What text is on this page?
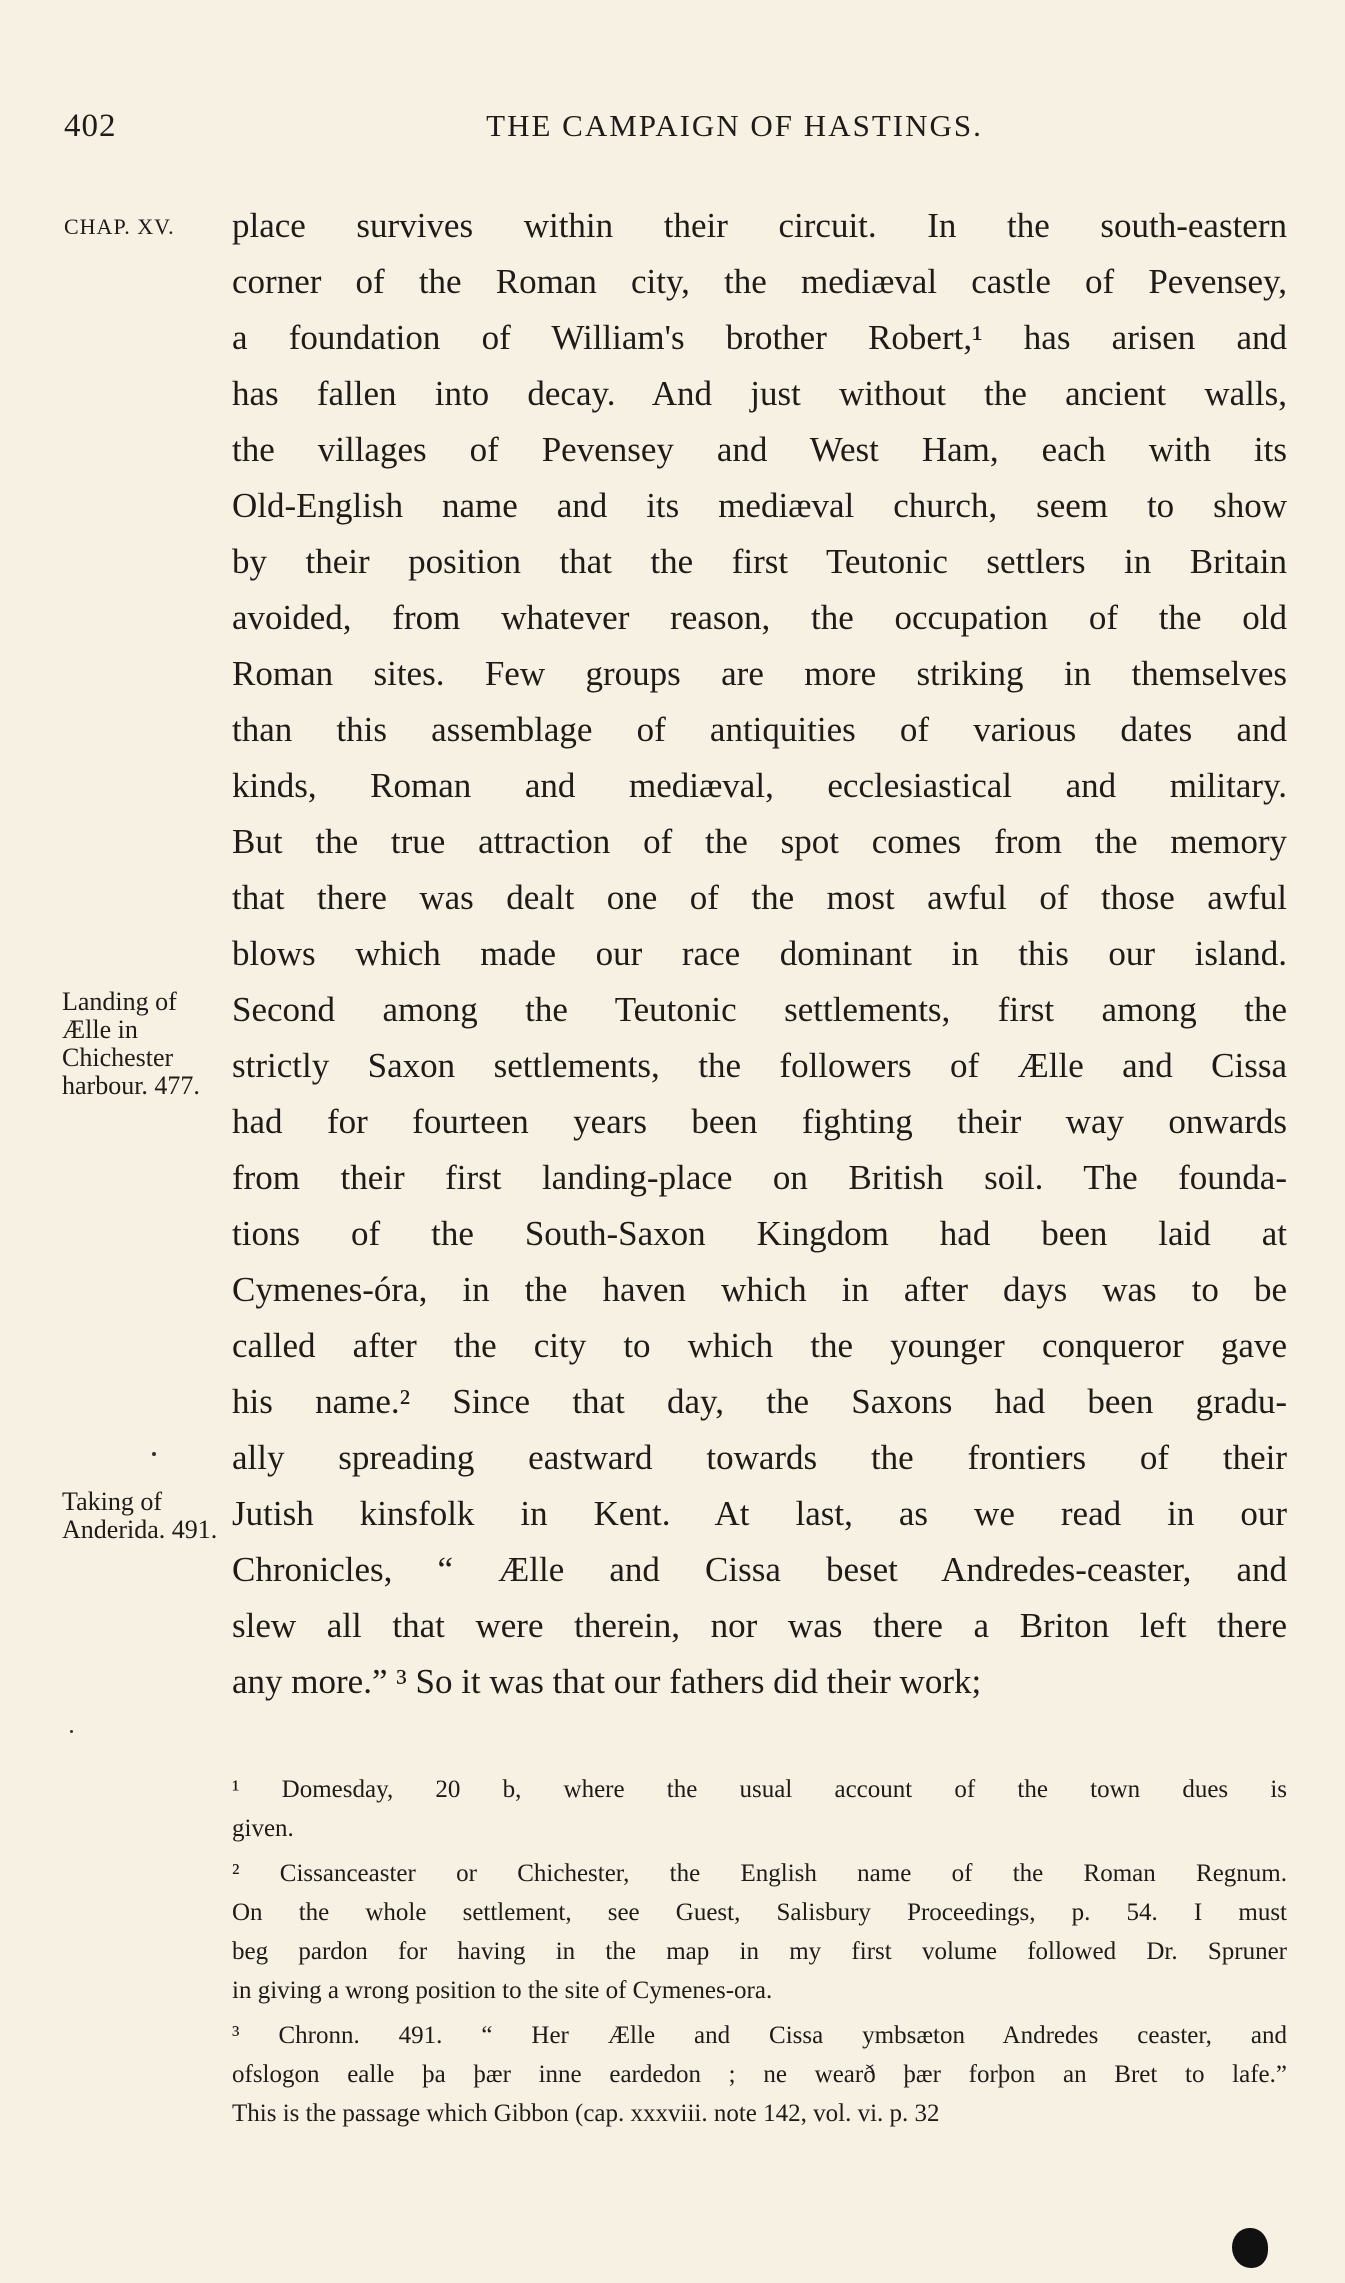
402	THE CAMPAIGN OF HASTINGS.
CHAP. XV.
Landing of Ælle in Chichester harbour. 477.
Taking of Anderida. 491.
place survives within their circuit. In the south-eastern
corner of the Roman city, the mediæval castle of Pevensey,
a foundation of William's brother Robert,¹ has arisen and
has fallen into decay. And just without the ancient walls,
the villages of Pevensey and West Ham, each with its
Old-English name and its mediæval church, seem to show
by their position that the first Teutonic settlers in Britain
avoided, from whatever reason, the occupation of the old
Roman sites. Few groups are more striking in themselves
than this assemblage of antiquities of various dates and
kinds, Roman and mediæval, ecclesiastical and military.
But the true attraction of the spot comes from the memory
that there was dealt one of the most awful of those awful
blows which made our race dominant in this our island.
Second among the Teutonic settlements, first among the
strictly Saxon settlements, the followers of Ælle and Cissa
had for fourteen years been fighting their way onwards
from their first landing-place on British soil. The founda-
tions of the South-Saxon Kingdom had been laid at
Cymenes-óra, in the haven which in after days was to be
called after the city to which the younger conqueror gave
his name.² Since that day, the Saxons had been gradu-
ally spreading eastward towards the frontiers of their
Jutish kinsfolk in Kent. At last, as we read in our
Chronicles, “ Ælle and Cissa beset Andredes-ceaster, and
slew all that were therein, nor was there a Briton left there
any more.” ³ So it was that our fathers did their work;
¹ Domesday, 20 b, where the usual account of the town dues is
given.
² Cissanceaster or Chichester, the English name of the Roman Regnum.
On the whole settlement, see Guest, Salisbury Proceedings, p. 54. I must
beg pardon for having in the map in my first volume followed Dr. Spruner
in giving a wrong position to the site of Cymenes-ora.
³ Chronn. 491. “ Her Ælle and Cissa ymbsæton Andredes ceaster, and
ofslogon ealle þa þær inne eardedon ; ne wearð þær forþon an Bret to lafe.”
This is the passage which Gibbon (cap. xxxviii. note 142, vol. vi. p. 32
